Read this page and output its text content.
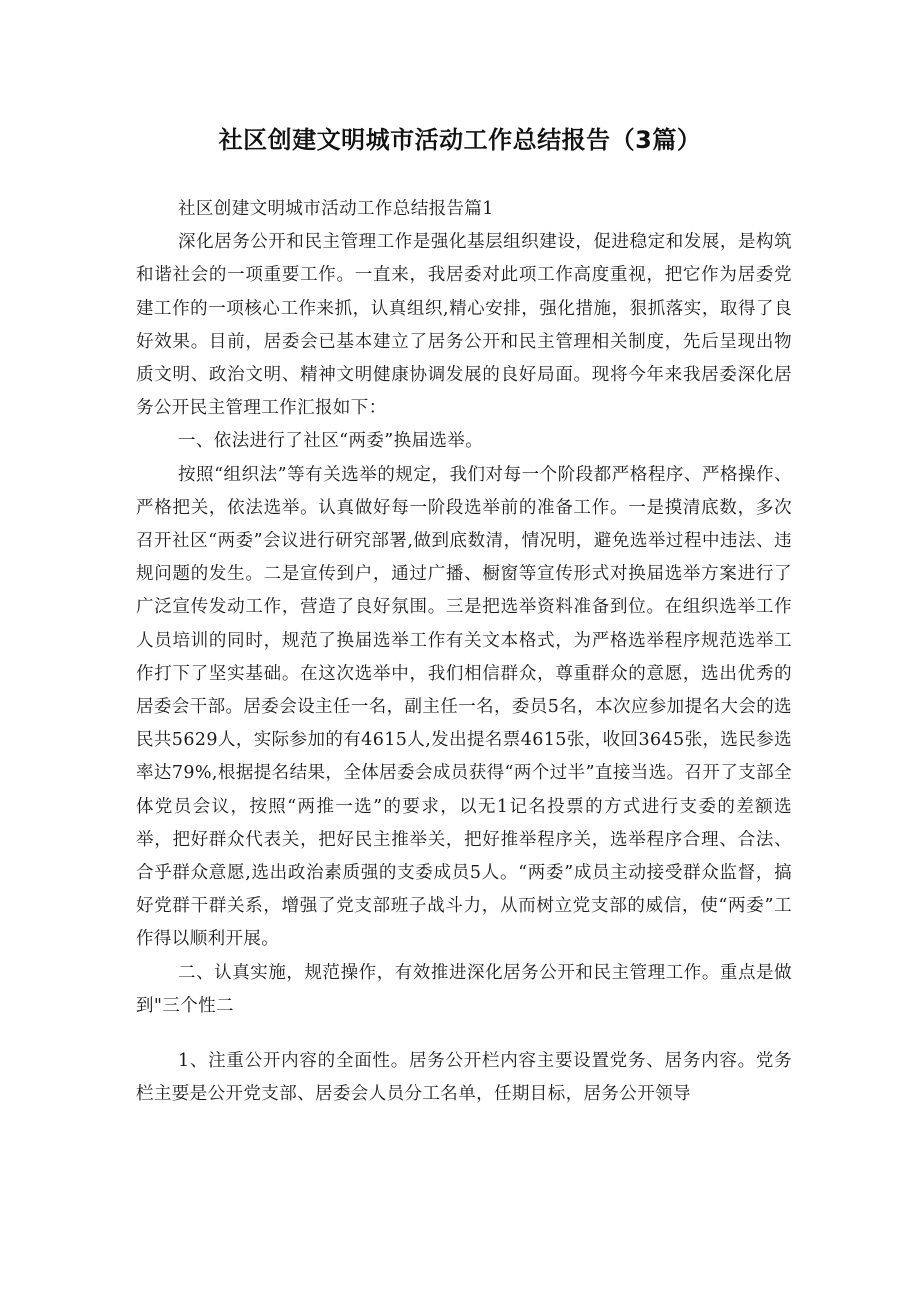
社区创建文明城市活动工作总结报告（3篇）

社区创建文明城市活动工作总结报告篇1

深化居务公开和民主管理工作是强化基层组织建设，促进稳定和发展，是构筑和谐社会的一项重要工作。一直来，我居委对此项工作高度重视，把它作为居委党建工作的一项核心工作来抓，认真组织,精心安排，强化措施，狠抓落实，取得了良好效果。目前，居委会已基本建立了居务公开和民主管理相关制度，先后呈现出物质文明、政治文明、精神文明健康协调发展的良好局面。现将今年来我居委深化居务公开民主管理工作汇报如下：

一、依法进行了社区“两委”换届选举。

按照“组织法”等有关选举的规定，我们对每一个阶段都严格程序、严格操作、严格把关，依法选举。认真做好每一阶段选举前的准备工作。一是摸清底数，多次召开社区“两委”会议进行研究部署,做到底数清，情况明，避免选举过程中违法、违规问题的发生。二是宣传到户，通过广播、橱窗等宣传形式对换届选举方案进行了广泛宣传发动工作，营造了良好氛围。三是把选举资料准备到位。在组织选举工作人员培训的同时，规范了换届选举工作有关文本格式，为严格选举程序规范选举工作打下了坚实基础。在这次选举中，我们相信群众，尊重群众的意愿，选出优秀的居委会干部。居委会设主任一名，副主任一名，委员5名，本次应参加提名大会的选民共5629人，实际参加的有4615人,发出提名票4615张，收回3645张，选民参选率达79%,根据提名结果，全体居委会成员获得“两个过半”直接当选。召开了支部全体党员会议，按照“两推一选”的要求，以无1记名投票的方式进行支委的差额选举，把好群众代表关，把好民主推举关，把好推举程序关，选举程序合理、合法、合乎群众意愿,选出政治素质强的支委成员5人。“两委”成员主动接受群众监督，搞好党群干群关系，增强了党支部班子战斗力，从而树立党支部的威信，使“两委”工作得以顺利开展。

二、认真实施，规范操作，有效推进深化居务公开和民主管理工作。重点是做到"三个性二

1、注重公开内容的全面性。居务公开栏内容主要设置党务、居务内容。党务栏主要是公开党支部、居委会人员分工名单，任期目标，居务公开领导
